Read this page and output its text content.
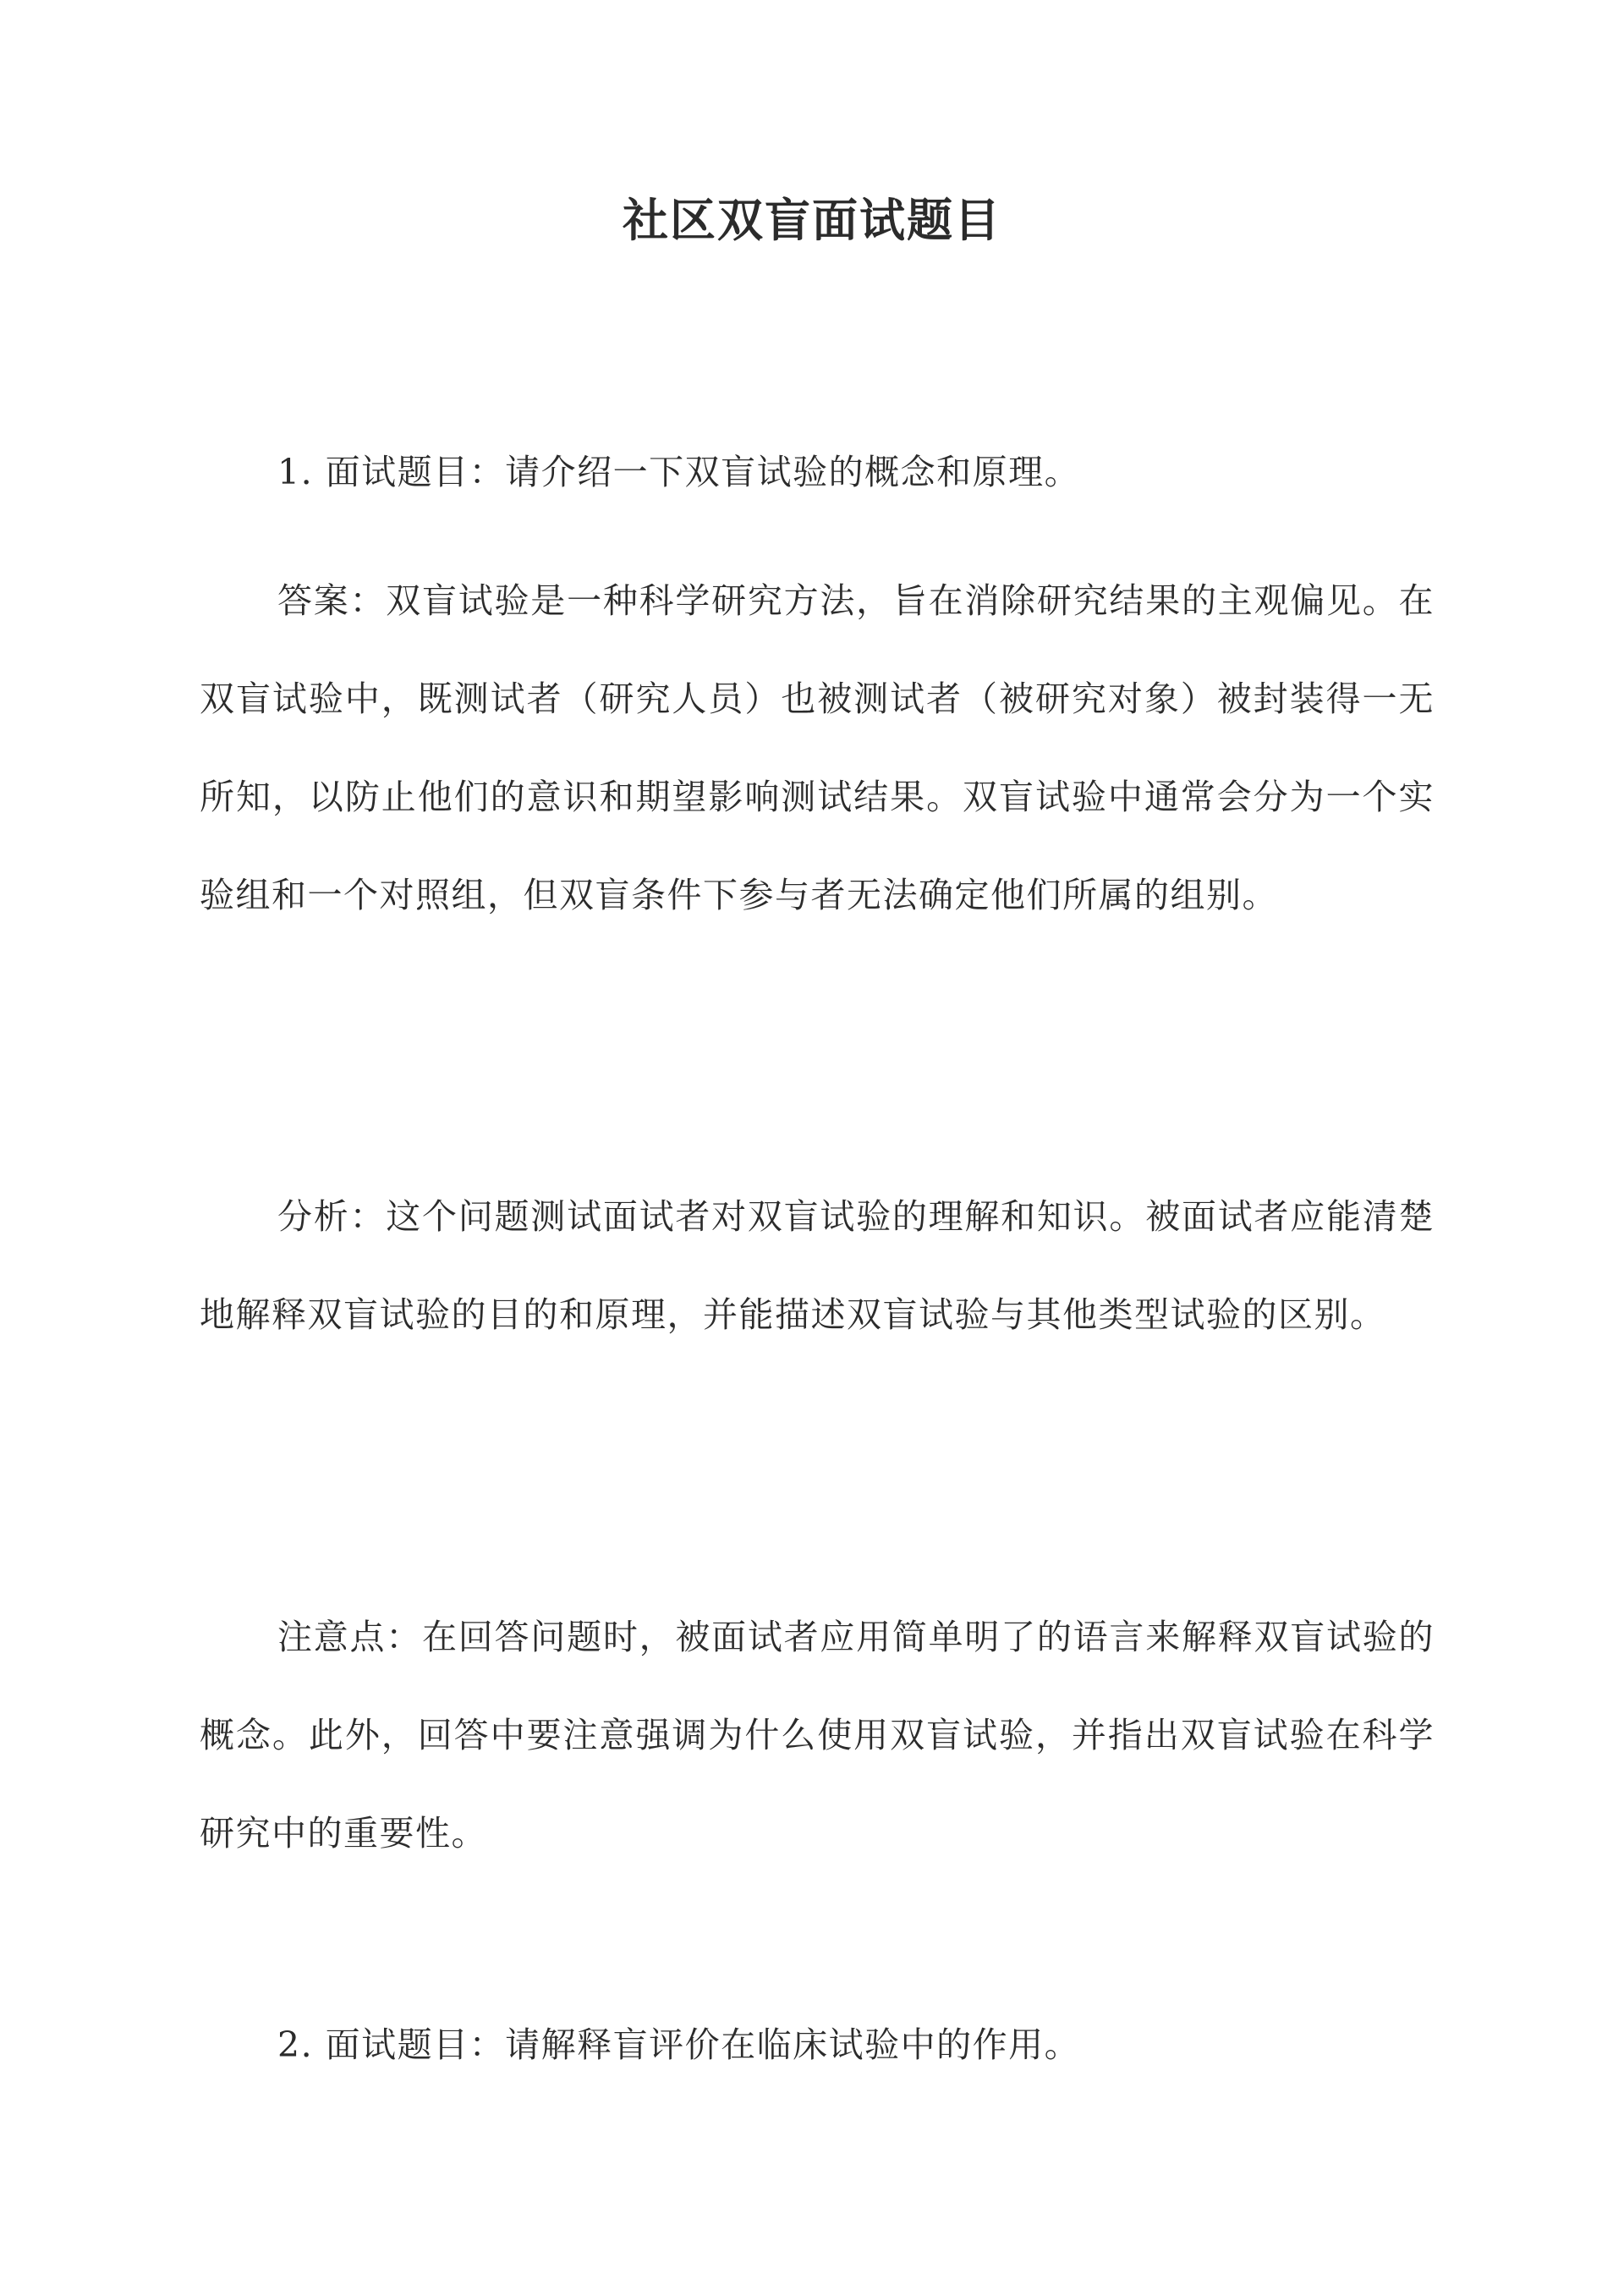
社区双盲面试题目

1. 面试题目：请介绍一下双盲试验的概念和原理。

答案：双盲试验是一种科学研究方法，旨在消除研究结果的主观偏见。在双盲试验中，既测试者（研究人员）也被测试者（被研究对象）被封装得一无所知，以防止他们的意识和期望影响测试结果。双盲试验中通常会分为一个实验组和一个对照组，但双盲条件下参与者无法确定他们所属的组别。

分析：这个问题测试面试者对双盲试验的理解和知识。被面试者应能清楚地解释双盲试验的目的和原理，并能描述双盲试验与其他类型试验的区别。

注意点：在回答问题时，被面试者应用简单明了的语言来解释双盲试验的概念。此外，回答中要注意强调为什么使用双盲试验，并指出双盲试验在科学研究中的重要性。

2. 面试题目：请解释盲评价在临床试验中的作用。
